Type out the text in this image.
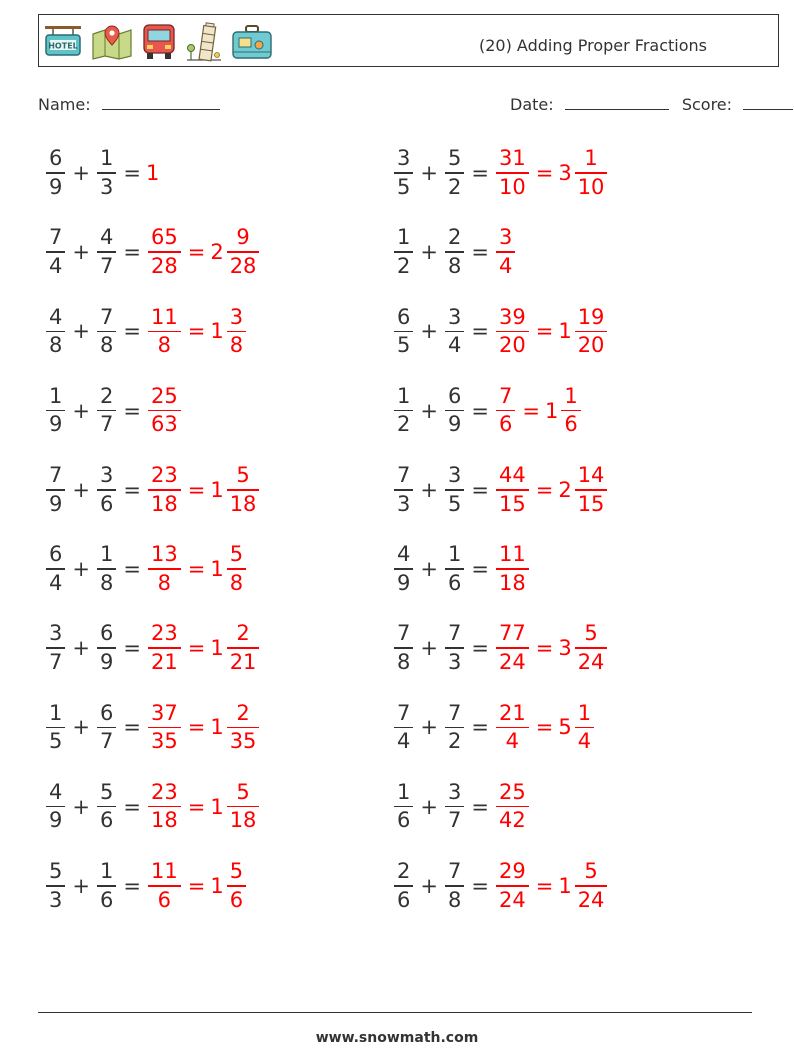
HOTEL	(20) Adding Proper Fractions
Name:	Date:	Score:
$\frac{6}{9} + \frac{1}{3} = 1$	$\frac{3}{5} + \frac{5}{2} = \frac{31}{10} = 3 \frac{1}{10}$
$\frac{7}{4} + \frac{4}{7} = \frac{65}{28} = 2 \frac{9}{28}$	$\frac{1}{2} + \frac{2}{8} = \frac{3}{4}$
$\frac{4}{8} + \frac{7}{8} = \frac{11}{8} = 1 \frac{3}{8}$	$\frac{6}{5} + \frac{3}{4} = \frac{39}{20} = 1 \frac{19}{20}$
$\frac{1}{9} + \frac{2}{7} = \frac{25}{63}$	$\frac{1}{2} + \frac{6}{9} = \frac{7}{6} = 1 \frac{1}{6}$
$\frac{7}{9} + \frac{3}{6} = \frac{23}{18} = 1 \frac{5}{18}$	$\frac{7}{3} + \frac{3}{5} = \frac{44}{15} = 2 \frac{14}{15}$
$\frac{6}{4} + \frac{1}{8} = \frac{13}{8} = 1 \frac{5}{8}$	$\frac{4}{9} + \frac{1}{6} = \frac{11}{18}$
$\frac{3}{7} + \frac{6}{9} = \frac{23}{21} = 1 \frac{2}{21}$	$\frac{7}{8} + \frac{7}{3} = \frac{77}{24} = 3 \frac{5}{24}$
$\frac{1}{5} + \frac{6}{7} = \frac{37}{35} = 1 \frac{2}{35}$	$\frac{7}{4} + \frac{7}{2} = \frac{21}{4} = 5 \frac{1}{4}$
$\frac{4}{9} + \frac{5}{6} = \frac{23}{18} = 1 \frac{5}{18}$	$\frac{1}{6} + \frac{3}{7} = \frac{25}{42}$
$\frac{5}{3} + \frac{1}{6} = \frac{11}{6} = 1 \frac{5}{6}$	$\frac{2}{6} + \frac{7}{8} = \frac{29}{24} = 1 \frac{5}{24}$
www.snowmath.com
